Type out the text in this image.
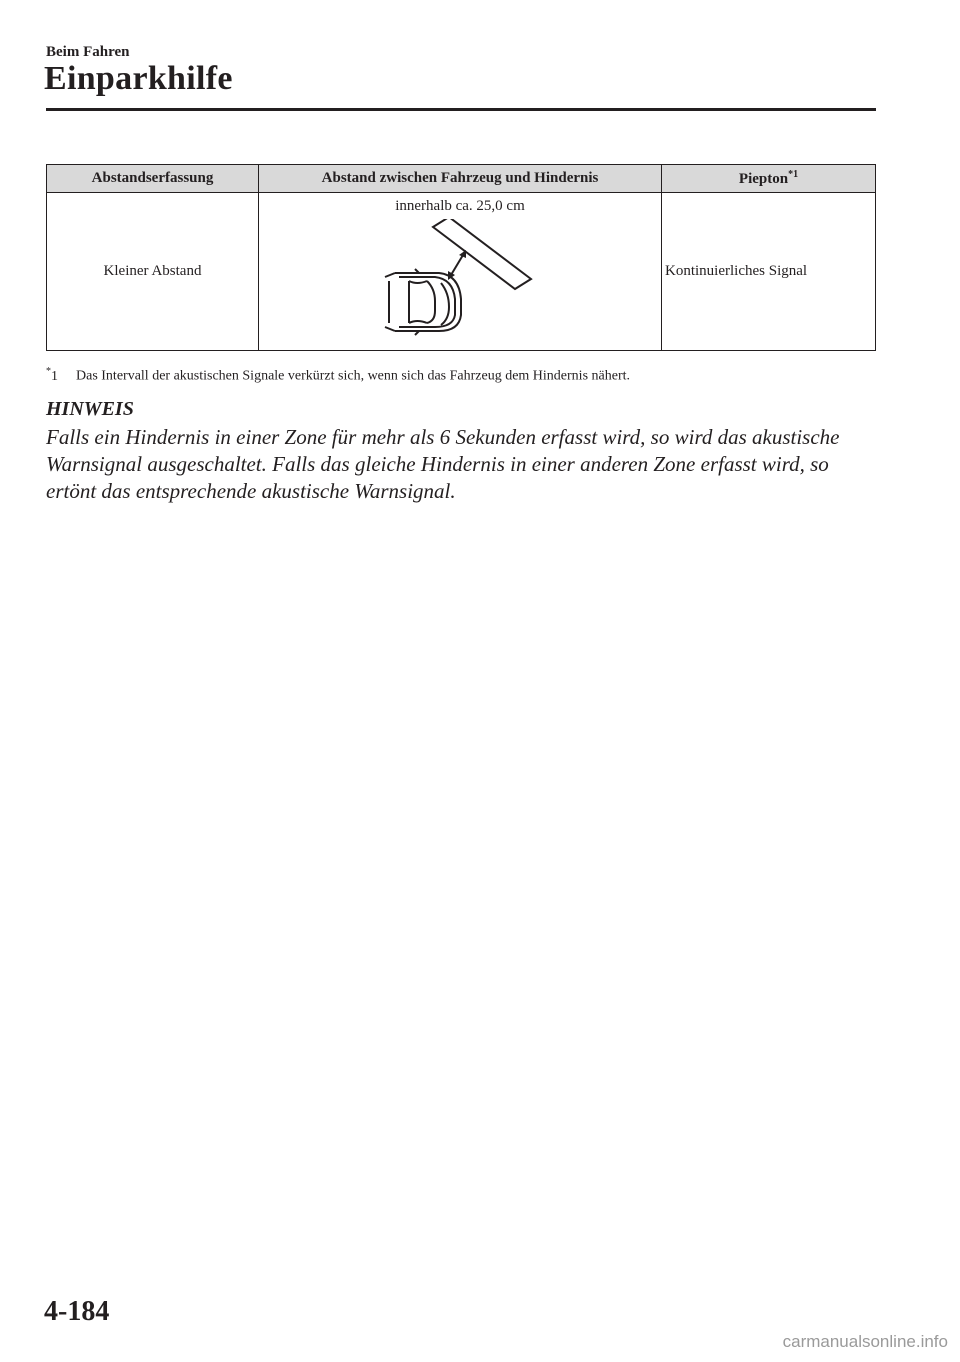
Beim Fahren
Einparkhilfe
Abstandserfassung	Abstand zwischen Fahrzeug und Hindernis	Piepton$^{*1}$
Kleiner Abstand	innerhalb ca. 25,0 cm	Kontinuierliches Signal
*1 Das Intervall der akustischen Signale verkürzt sich, wenn sich das Fahrzeug dem Hindernis nähert.
HINWEIS

Falls ein Hindernis in einer Zone für mehr als 6 Sekunden erfasst wird, so wird das akustische Warnsignal ausgeschaltet. Falls das gleiche Hindernis in einer anderen Zone erfasst wird, so ertönt das entsprechende akustische Warnsignal.

4-184
carmanualsonline.info
